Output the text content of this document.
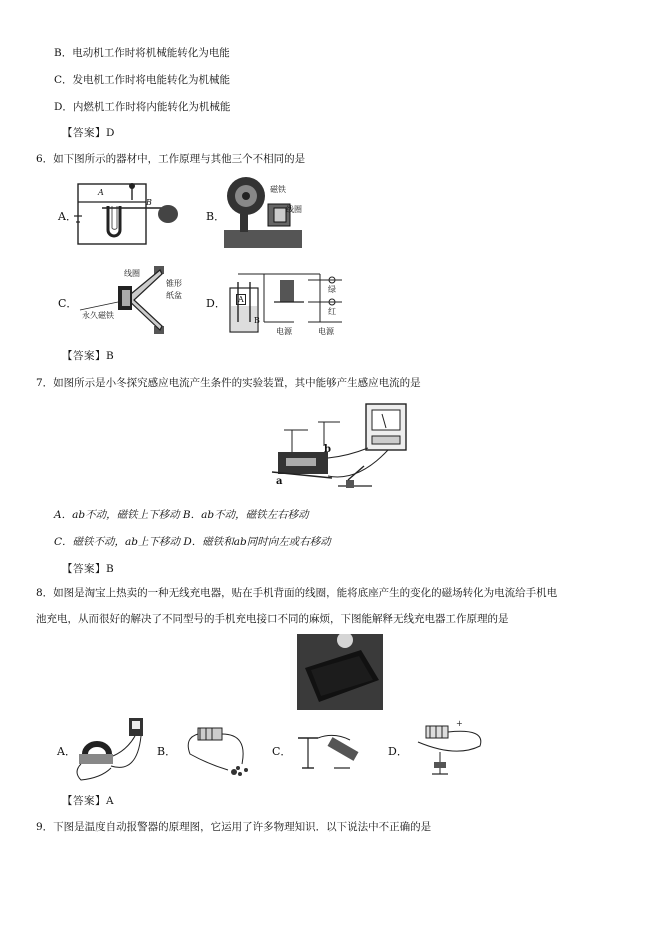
B．电动机工作时将机械能转化为电能
C．发电机工作时将电能转化为机械能
D．内燃机工作时将内能转化为机械能
【答案】D
6．如下图所示的器材中，工作原理与其他三个不相同的是
A．
A
B
B．
磁铁
线圈
C．
线圈
锥形
纸盆
永久磁铁
D． A
B
绿
红
电源	电源
【答案】B
7．如图所示是小冬探究感应电流产生条件的实验装置，其中能够产生感应电流的是
a
b
A．ab不动，磁铁上下移动 B．ab不动，磁铁左右移动
C．磁铁不动，ab上下移动 D．磁铁和ab同时向左或右移动
【答案】B
8．如图是淘宝上热卖的一种无线充电器，贴在手机背面的线圈，能将底座产生的变化的磁场转化为电流给手机电
池充电，从而很好的解决了不同型号的手机充电接口不同的麻烦，下图能解释无线充电器工作原理的是
A．	B．	C．	D．
+
【答案】A
9．下图是温度自动报警器的原理图，它运用了许多物理知识．以下说法中不正确的是
